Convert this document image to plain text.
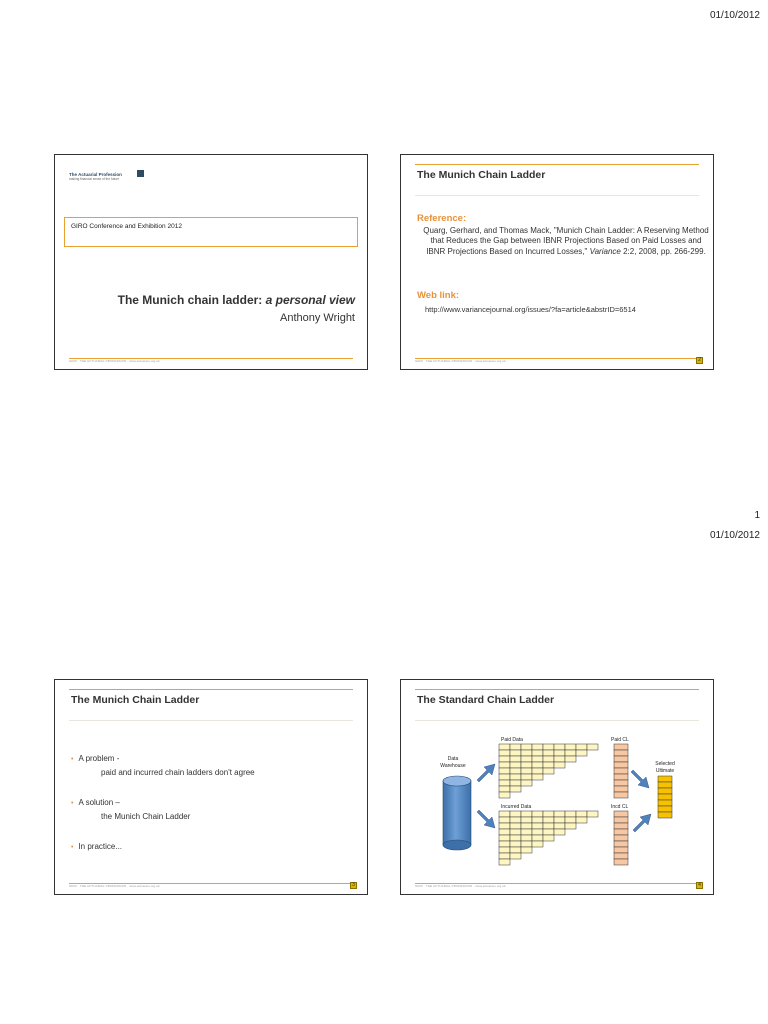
01/10/2012
The Actuarial Profession
making financial sense of the future
GIRO Conference and Exhibition 2012
The Munich chain ladder: a personal view
Anthony Wright
GIRO · THE ACTUARIAL PROFESSION · www.actuaries.org.uk
The Munich Chain Ladder
Reference:
Quarg, Gerhard, and Thomas Mack, "Munich Chain Ladder: A Reserving Method that Reduces the Gap between IBNR Projections Based on Paid Losses and IBNR Projections Based on Incurred Losses," Variance 2:2, 2008, pp. 266-299.
Web link:
http://www.variancejournal.org/issues/?fa=article&abstrID=6514
GIRO · THE ACTUARIAL PROFESSION · www.actuaries.org.uk	2
1
01/10/2012
The Munich Chain Ladder
• A problem -
paid and incurred chain ladders don't agree
• A solution –
the Munich Chain Ladder
• In practice...
GIRO · THE ACTUARIAL PROFESSION · www.actuaries.org.uk	3
The Standard Chain Ladder
Data
Warehouse
Paid Data
Incurred Data
Paid CL
Incd CL
Selected
Ultimate
GIRO · THE ACTUARIAL PROFESSION · www.actuaries.org.uk	4
